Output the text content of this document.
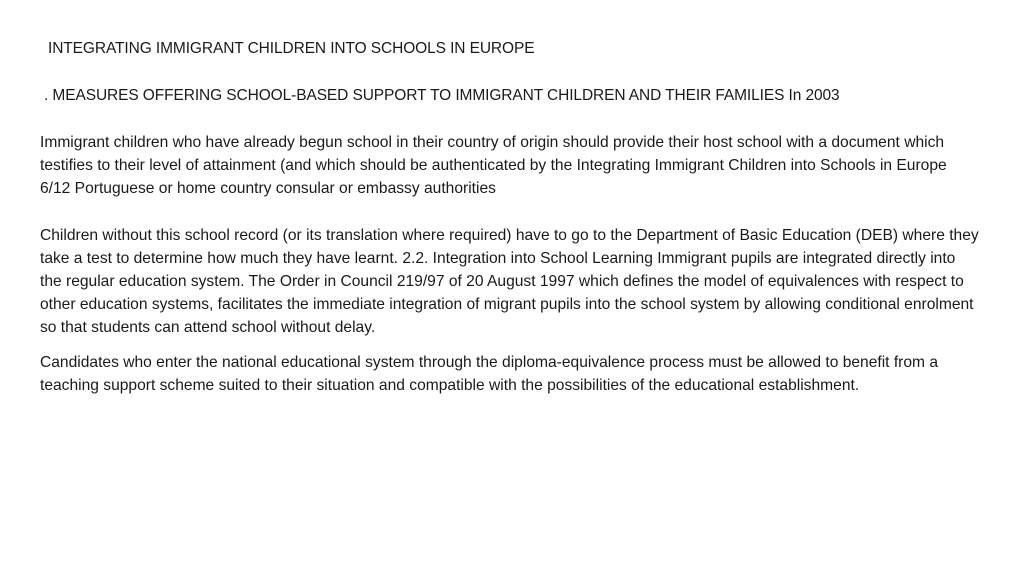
INTEGRATING IMMIGRANT CHILDREN INTO SCHOOLS IN EUROPE
. MEASURES OFFERING SCHOOL-BASED SUPPORT TO IMMIGRANT CHILDREN AND THEIR FAMILIES In 2003

Immigrant children who have already begun school in their country of origin should provide their host school with a document which testifies to their level of attainment (and which should be authenticated by the Integrating Immigrant Children into Schools in Europe 6/12 Portuguese or home country consular or embassy authorities

Children without this school record (or its translation where required) have to go to the Department of Basic Education (DEB) where they take a test to determine how much they have learnt. 2.2. Integration into School Learning Immigrant pupils are integrated directly into the regular education system. The Order in Council 219/97 of 20 August 1997 which defines the model of equivalences with respect to other education systems, facilitates the immediate integration of migrant pupils into the school system by allowing conditional enrolment so that students can attend school without delay.

Candidates who enter the national educational system through the diploma-equivalence process must be allowed to benefit from a teaching support scheme suited to their situation and compatible with the possibilities of the educational establishment.
